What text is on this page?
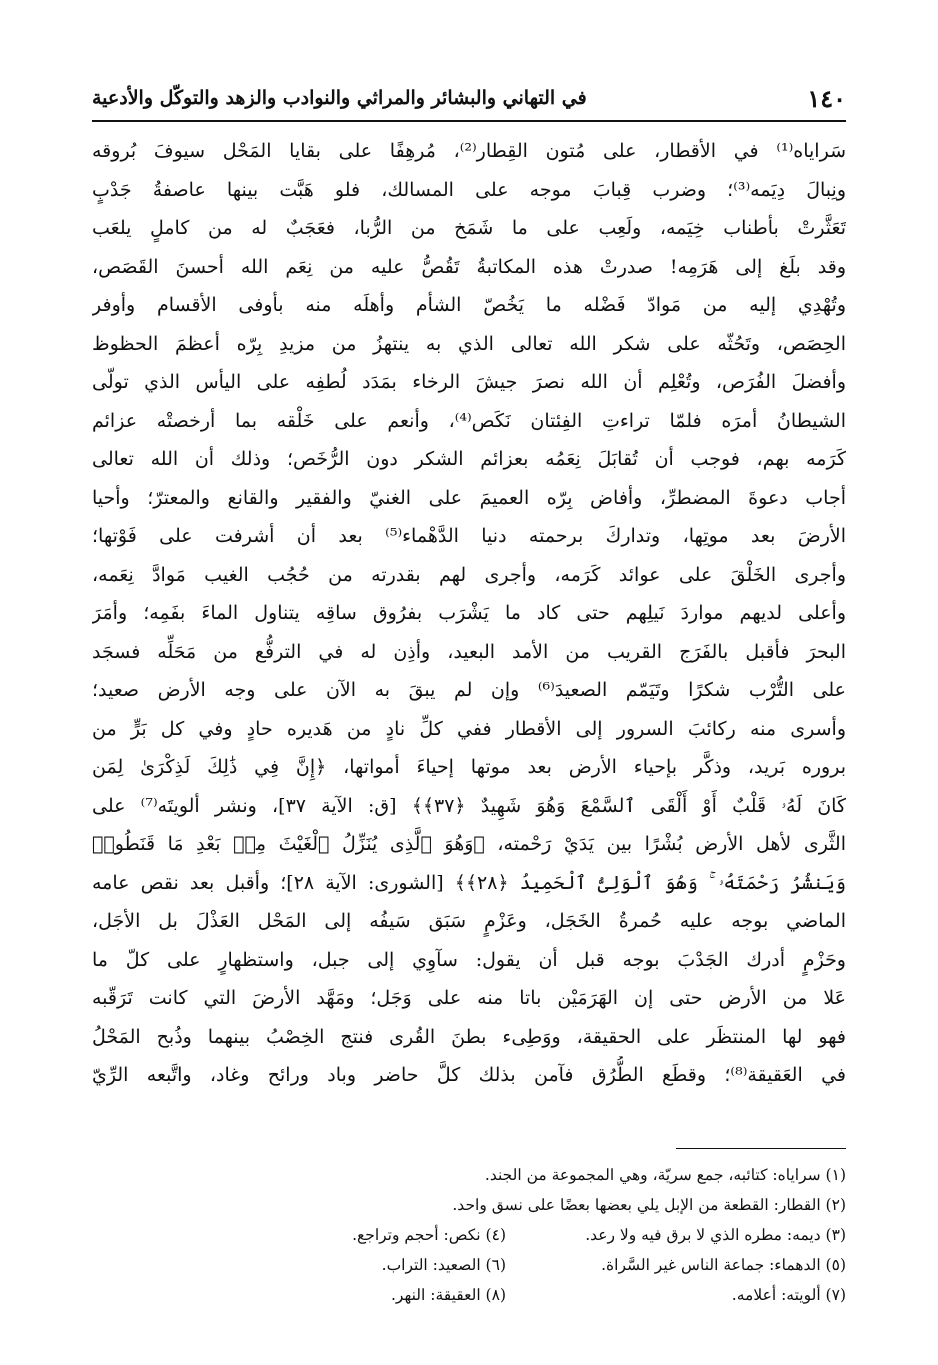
١٤٠
في التهاني والبشائر والمراثي والنوادب والزهد والتوكّل والأدعية
سَراياه⁽¹⁾ في الأقطار، على مُتون القِطار⁽²⁾، مُرهِفًا على بقايا المَحْل سيوفَ بُروقه
ونِبالَ دِيَمه⁽³⁾؛ وضرب قِبابَ موجه على المسالك، فلو هَبَّت بينها عاصفةُ جَدْبٍ
تَعَثَّرتْ بأطناب خِيَمه، ولَعِب على ما شَمَخ من الرُّبا، فعَجَبٌ له من كاملٍ يلعَب
وقد بلَغ إلى هَرَمِه! صدرتْ هذه المكاتبةُ تَقُصُّ عليه من نِعَم الله أحسنَ القَصَص،
وتُهْدِي إليه من مَوادّ فَضْله ما يَخُصّ الشأم وأهلَه منه بأوفى الأقسام وأوفر
الحِصَص، وتَحُثّه على شكر الله تعالى الذي به ينتهزُ من مزيدِ بِرّه أعظمَ الحظوظ
وأفضلَ الفُرَص، وتُعْلِم أن الله نصرَ جيشَ الرخاء بمَدَد لُطفِه على اليأس الذي تولّى
الشيطانُ أمرَه فلمّا تراءتِ الفِئتان نَكَص⁽⁴⁾، وأنعم على خَلْقه بما أرخصتْه عزائم
كَرَمه بهم، فوجب أن تُقابَلَ نِعَمُه بعزائم الشكر دون الرُّخَص؛ وذلك أن الله تعالى
أجاب دعوةَ المضطرِّ، وأفاض بِرّه العميمَ على الغنيّ والفقير والقانع والمعترّ؛ وأحيا
الأرضَ بعد موتِها، وتداركَ برحمته دنيا الدَّهْماء⁽⁵⁾ بعد أن أشرفت على فَوْتها؛
وأجرى الخَلْقَ على عوائد كَرَمه، وأجرى لهم بقدرته من حُجُب الغيب مَوادَّ نِعَمه،
وأعلى لديهم مواردَ نَيلِهم حتى كاد ما يَشْرَب بفرُوق ساقِه يتناول الماءَ بفَمِه؛ وأمَرَ
البحرَ فأقبل بالفَرَج القريب من الأمد البعيد، وأذِن له في الترفُّع من مَحَلِّه فسجَد
على التُّرْب شكرًا وتَيَمّم الصعيدَ⁽⁶⁾ وإن لم يبقَ به الآن على وجه الأرض صعيد؛
وأسرى منه ركائبَ السرور إلى الأقطار ففي كلِّ نادٍ من هَديره حادٍ وفي كل بَرٍّ من
بروره بَريد، وذكَّر بإحياء الأرض بعد موتها إحياءَ أمواتها، ﴿إِنَّ فِي ذَٰلِكَ لَذِكْرَىٰ لِمَن
كَانَ لَهُۥ قَلْبٌ أَوْ أَلْقَى ٱلسَّمْعَ وَهُوَ شَهِيدٌ ﴿٣٧﴾﴾ [ق: الآية ٣٧]، ونشر ألويتَه⁽⁷⁾ على
الثَّرى لأهل الأرض بُشْرًا بين يَدَيْ رَحْمته، ﴿وَهُوَ ٱلَّذِى يُنَزِّلُ ٱلْغَيْثَ مِنۢ بَعْدِ مَا قَنَطُوا۟
وَيَنشُرُ رَحْمَتَهُۥ ۚ وَهُوَ ٱلْوَلِىُّ ٱلْحَمِيدُ ﴿٢٨﴾﴾ [الشورى: الآية ٢٨]؛ وأقبل بعد نقص عامه
الماضي بوجه عليه حُمرةُ الخَجَل، وعَزْمٍ سَبَق سَيفُه إلى المَحْل العَذْلَ بل الأجَل،
وحَزْمٍ أدرك الجَدْبَ بوجه قبل أن يقول: سآوِي إلى جبل، واستظهارٍ على كلّ ما
عَلا من الأرض حتى إن الهَرَمَيْن باتا منه على وَجَل؛ ومَهَّد الأرضَ التي كانت تَرَقّبه
فهو لها المنتظَر على الحقيقة، ووَطِىء بطنَ القُرى فنتج الخِصْبُ بينهما وذُبح المَحْلُ
في العَقيقة⁽⁸⁾؛ وقطَع الطُّرُق فآمن بذلك كلَّ حاضر وباد ورائح وغاد، واتَّبعه الرِّيّ
(١) سراياه: كتائبه، جمع سريّة، وهي المجموعة من الجند.
(٢) القطار: القطعة من الإبل يلي بعضها بعضًا على نسق واحد.
(٣) ديمه: مطره الذي لا برق فيه ولا رعد.
(٤) نكص: أحجم وتراجع.
(٥) الدهماء: جماعة الناس غير السَّراة.
(٦) الصعيد: التراب.
(٧) ألويته: أعلامه.
(٨) العقيقة: النهر.
